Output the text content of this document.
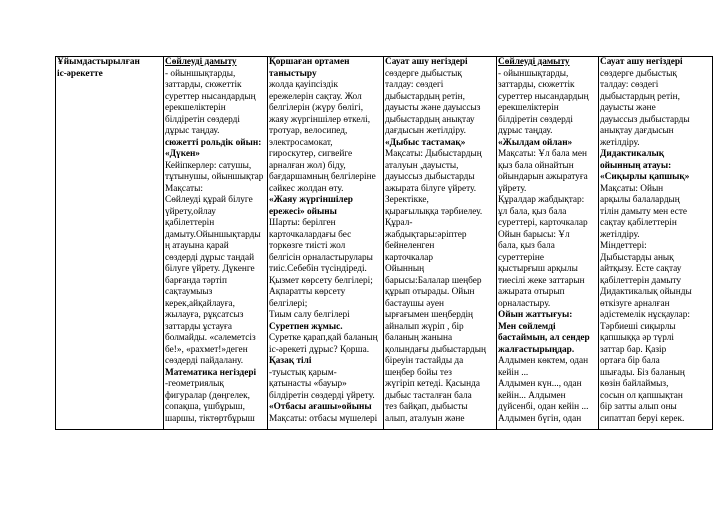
Ұйымдастырылған
іс-әрекетте

Сөйлеуді дамыту
- ойыншықтарды,
заттарды, сюжеттік
суреттер нысандардың
ерекшеліктерін
білдіретін сөздерді
дұрыс таңдау.
сюжетті рольдік ойын:
«Дүкен»
Кейіпкерлер: сатушы,
тұтынушы, ойыншықтар
Мақсаты:
Сөйлеуді құрай білуге
үйрету,ойлау
қабілеттерін
дамыту.Ойыншықтарды
ң атауына қарай
сөздерді дұрыс таңдай
білуге үйрету. Дүкенге
барғанда тәртіп
сақтаумыыз
керек,айқайлауға,
жылауға, рұқсатсыз
заттарды ұстауға
болмайды. «сәлеметсіз
бе!», «рахмет!»деген
сөздерді пайдалану.
Математика негіздері
-геометриялық
фигуралар (дөңгелек,
сопақша, үшбұрыш,
шаршы, тіктөртбұрыш

Қоршаған ортамен
таныстыру
жолда қауіпсіздік
ережелерін сақтау. Жол
белгілерін (жүру бөлігі,
жаяу жүргіншілер өткелі,
тротуар, велосипед,
электросамокат,
гироскутер, сигвейге
арналған жол) біду,
бағдаршамның белгілеріне
сәйкес жолдан өту.
«Жаяу жүргіншілер
ережесі» ойыны
Шарты: берілген
карточкалардағы бес
торкөзге тиісті жол
белгісін орналастырулары
тиіс.Себебін түсіндіреді.
Қызмет көрсету белгілері;
Ақпаратты көрсету
белгілері;
Тиым салу белгілері
Суретпен жұмыс.
Суретке қарап,қай баланың
іс-әрекеті дұрыс? Қорша.
Қазақ тілі
-туыстық қарым-
қатынасты «бауыр»
білдіретін сөздерді үйрету.
«Отбасы ағашы»ойыны
Мақсаты: отбасы мүшелері

Сауат ашу негіздері
сөздерге дыбыстық
талдау: сөздегі
дыбыстардың ретін,
дауысты және дауыссыз
дыбыстардың анықтау
дағдысын жетілдіру.
«Дыбыс тастамақ»
Мақсаты: Дыбыстардың
аталуын ,дауысты,
дауыссыз дыбыстарды
ажырата білуге үйрету.
Зеректікке,
қырағылыққа тәрбиелеу.
Құрал-
жабдықтары:әріптер
бейнеленген
карточкалар
Ойынның
барысы:Балалар шеңбер
құрып отырады. Ойын
бастаушы әуен
ырғағымен шеңбердің
айналып жүріп , бір
баланың жанына
қолындағы дыбыстардың
біреуін тастайды да
шеңбер бойы тез
жүгіріп кетеді. Қасында
дыбыс тасталған бала
тез байқап, дыбысты
алып, аталуын және

Сөйлеуді дамыту
- ойыншықтарды,
заттарды, сюжеттік
суреттер нысандардың
ерекшеліктерін
білдіретін сөздерді
дұрыс таңдау.
«Жылдам ойлан»
Мақсаты: Ұл бала мен
қыз бала ойнайтын
ойындарын ажыратуға
үйрету.
Құралдар жабдықтар:
ұл бала, қыз бала
суреттері, карточкалар
Ойын барысы: Ұл
бала, қыз бала
суреттеріне
қыстырғыш арқылы
тиесілі жеке заттарын
ажырата отырып
орналастыру.
Ойын жаттығуы:
Мен сөйлемді
бастаймын, ал сендер
жалғастырыңдар.
Алдымен көктем, одан
кейін ...
Алдымен күн..., одан
кейін... Алдымен
дүйсенбі, одан кейін ...
Алдымен бүгін, одан

Сауат ашу негіздері
сөздерге дыбыстық
талдау: сөздегі
дыбыстардың ретін,
дауысты және
дауыссыз дыбыстарды
анықтау дағдысын
жетілдіру.
Дидактикалық
ойынның атауы:
«Сиқырлы қапшық»
Мақсаты: Ойын
арқылы балалардың
тілін дамыту мен есте
сақтау қабілеттерін
жетілдіру.
Міндеттері:
Дыбыстарды анық
айтқызу. Есте сақтау
қабілеттерін дамыту
Дидактикалық ойынды
өткізуге арналған
әдістемелік нұсқаулар:
Тәрбиеші сиқырлы
қапшыққа әр түрлі
заттар бар. Қазір
ортаға бір бала
шығады. Біз баланың
көзін байлаймыз,
сосын ол қапшықтан
бір затты алып оны
сипаттап беруі керек.
